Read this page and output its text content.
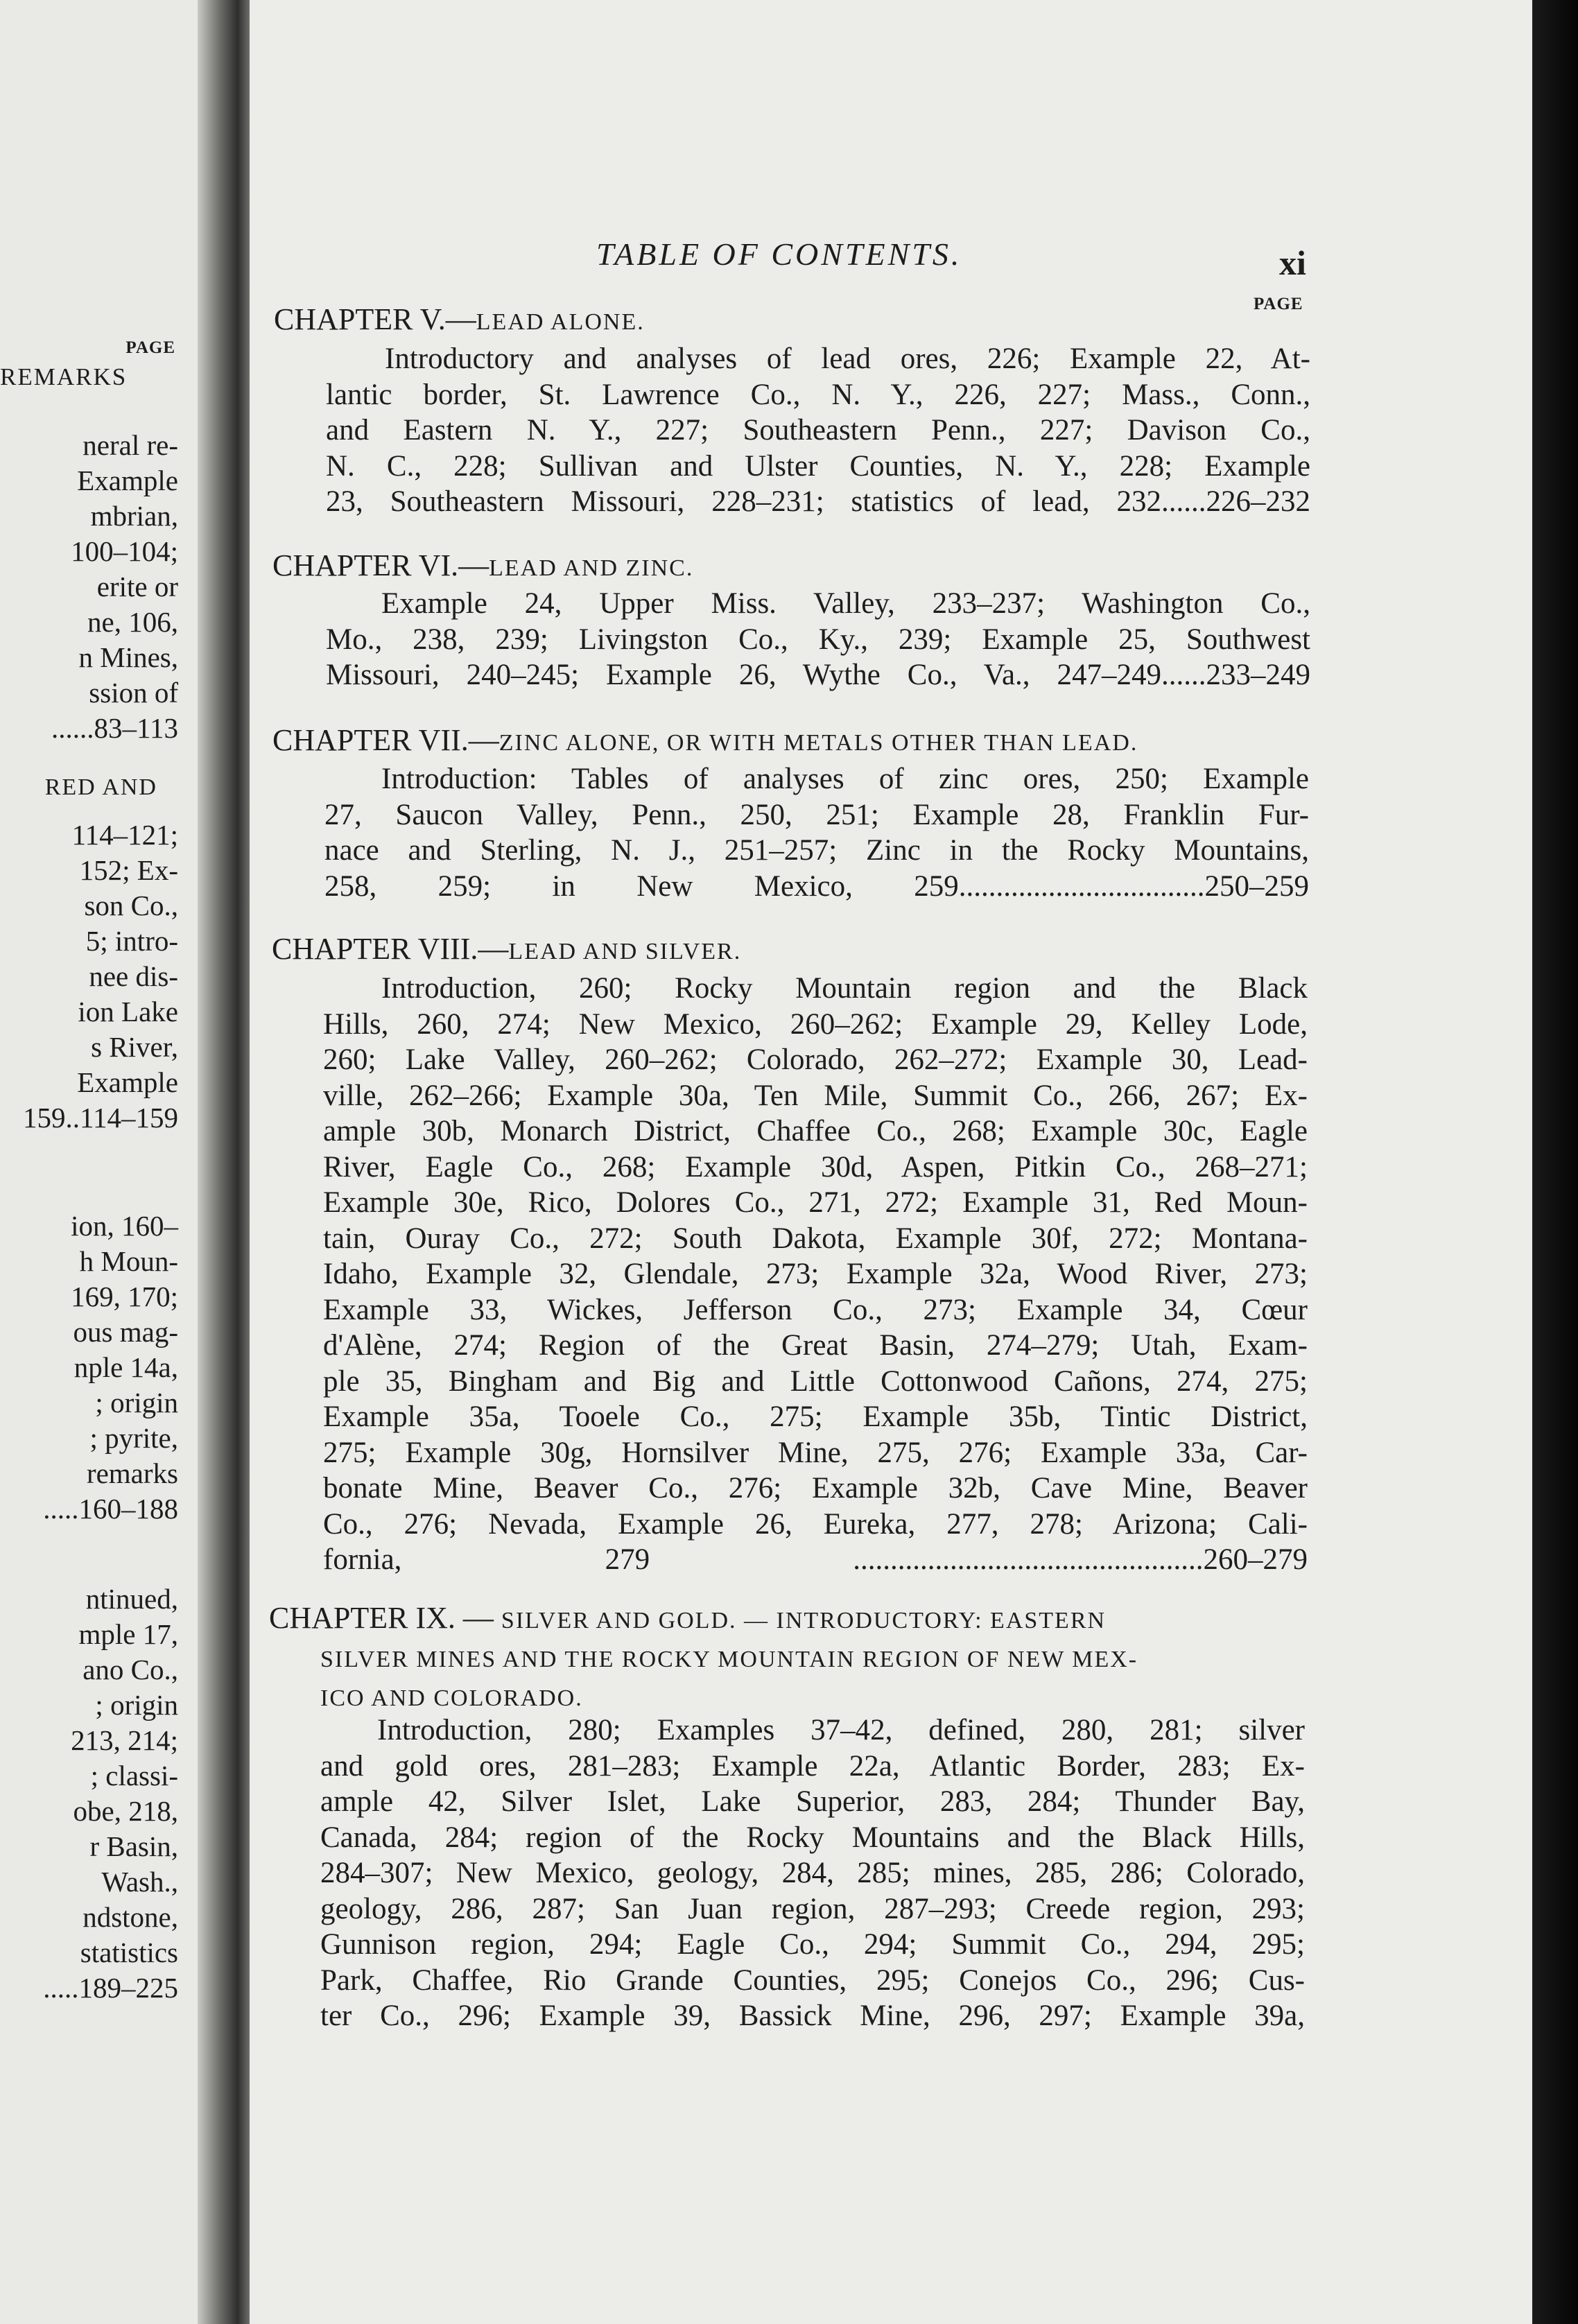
PAGE
REMARKS
neral re-
Example
mbrian,
100–104;
erite or
ne, 106,
n Mines,
ssion of
......83–113
RED AND
114–121;
152; Ex-
son Co.,
5; intro-
nee dis-
ion Lake
s River,
Example
159..114–159
ion, 160–
h Moun-
169, 170;
ous mag-
nple 14a,
; origin
; pyrite,
remarks
.....160–188
ntinued,
mple 17,
ano Co.,
; origin
213, 214;
; classi-
obe, 218,
r Basin,
Wash.,
ndstone,
statistics
.....189–225
TABLE OF CONTENTS.	xi
PAGE
CHAPTER V.—LEAD ALONE.
Introductory and analyses of lead ores, 226; Example 22, At-
lantic border, St. Lawrence Co., N. Y., 226, 227; Mass., Conn.,
and Eastern N. Y., 227; Southeastern Penn., 227; Davison Co.,
N. C., 228; Sullivan and Ulster Counties, N. Y., 228; Example
23, Southeastern Missouri, 228–231; statistics of lead, 232......226–232
CHAPTER VI.—LEAD AND ZINC.
Example 24, Upper Miss. Valley, 233–237; Washington Co.,
Mo., 238, 239; Livingston Co., Ky., 239; Example 25, Southwest
Missouri, 240–245; Example 26, Wythe Co., Va., 247–249......233–249
CHAPTER VII.—ZINC ALONE, OR WITH METALS OTHER THAN LEAD.
Introduction: Tables of analyses of zinc ores, 250; Example
27, Saucon Valley, Penn., 250, 251; Example 28, Franklin Fur-
nace and Sterling, N. J., 251–257; Zinc in the Rocky Mountains,
258, 259; in New Mexico, 259.................................250–259
CHAPTER VIII.—LEAD AND SILVER.
Introduction, 260; Rocky Mountain region and the Black
Hills, 260, 274; New Mexico, 260–262; Example 29, Kelley Lode,
260; Lake Valley, 260–262; Colorado, 262–272; Example 30, Lead-
ville, 262–266; Example 30a, Ten Mile, Summit Co., 266, 267; Ex-
ample 30b, Monarch District, Chaffee Co., 268; Example 30c, Eagle
River, Eagle Co., 268; Example 30d, Aspen, Pitkin Co., 268–271;
Example 30e, Rico, Dolores Co., 271, 272; Example 31, Red Moun-
tain, Ouray Co., 272; South Dakota, Example 30f, 272; Montana-
Idaho, Example 32, Glendale, 273; Example 32a, Wood River, 273;
Example 33, Wickes, Jefferson Co., 273; Example 34, Cœur
d'Alène, 274; Region of the Great Basin, 274–279; Utah, Exam-
ple 35, Bingham and Big and Little Cottonwood Cañons, 274, 275;
Example 35a, Tooele Co., 275; Example 35b, Tintic District,
275; Example 30g, Hornsilver Mine, 275, 276; Example 33a, Car-
bonate Mine, Beaver Co., 276; Example 32b, Cave Mine, Beaver
Co., 276; Nevada, Example 26, Eureka, 277, 278; Arizona; Cali-
fornia, 279 ...............................................260–279
CHAPTER IX. — SILVER AND GOLD. — INTRODUCTORY: EASTERN
SILVER MINES AND THE ROCKY MOUNTAIN REGION OF NEW MEX-
ICO AND COLORADO.
Introduction, 280; Examples 37–42, defined, 280, 281; silver
and gold ores, 281–283; Example 22a, Atlantic Border, 283; Ex-
ample 42, Silver Islet, Lake Superior, 283, 284; Thunder Bay,
Canada, 284; region of the Rocky Mountains and the Black Hills,
284–307; New Mexico, geology, 284, 285; mines, 285, 286; Colorado,
geology, 286, 287; San Juan region, 287–293; Creede region, 293;
Gunnison region, 294; Eagle Co., 294; Summit Co., 294, 295;
Park, Chaffee, Rio Grande Counties, 295; Conejos Co., 296; Cus-
ter Co., 296; Example 39, Bassick Mine, 296, 297; Example 39a,
